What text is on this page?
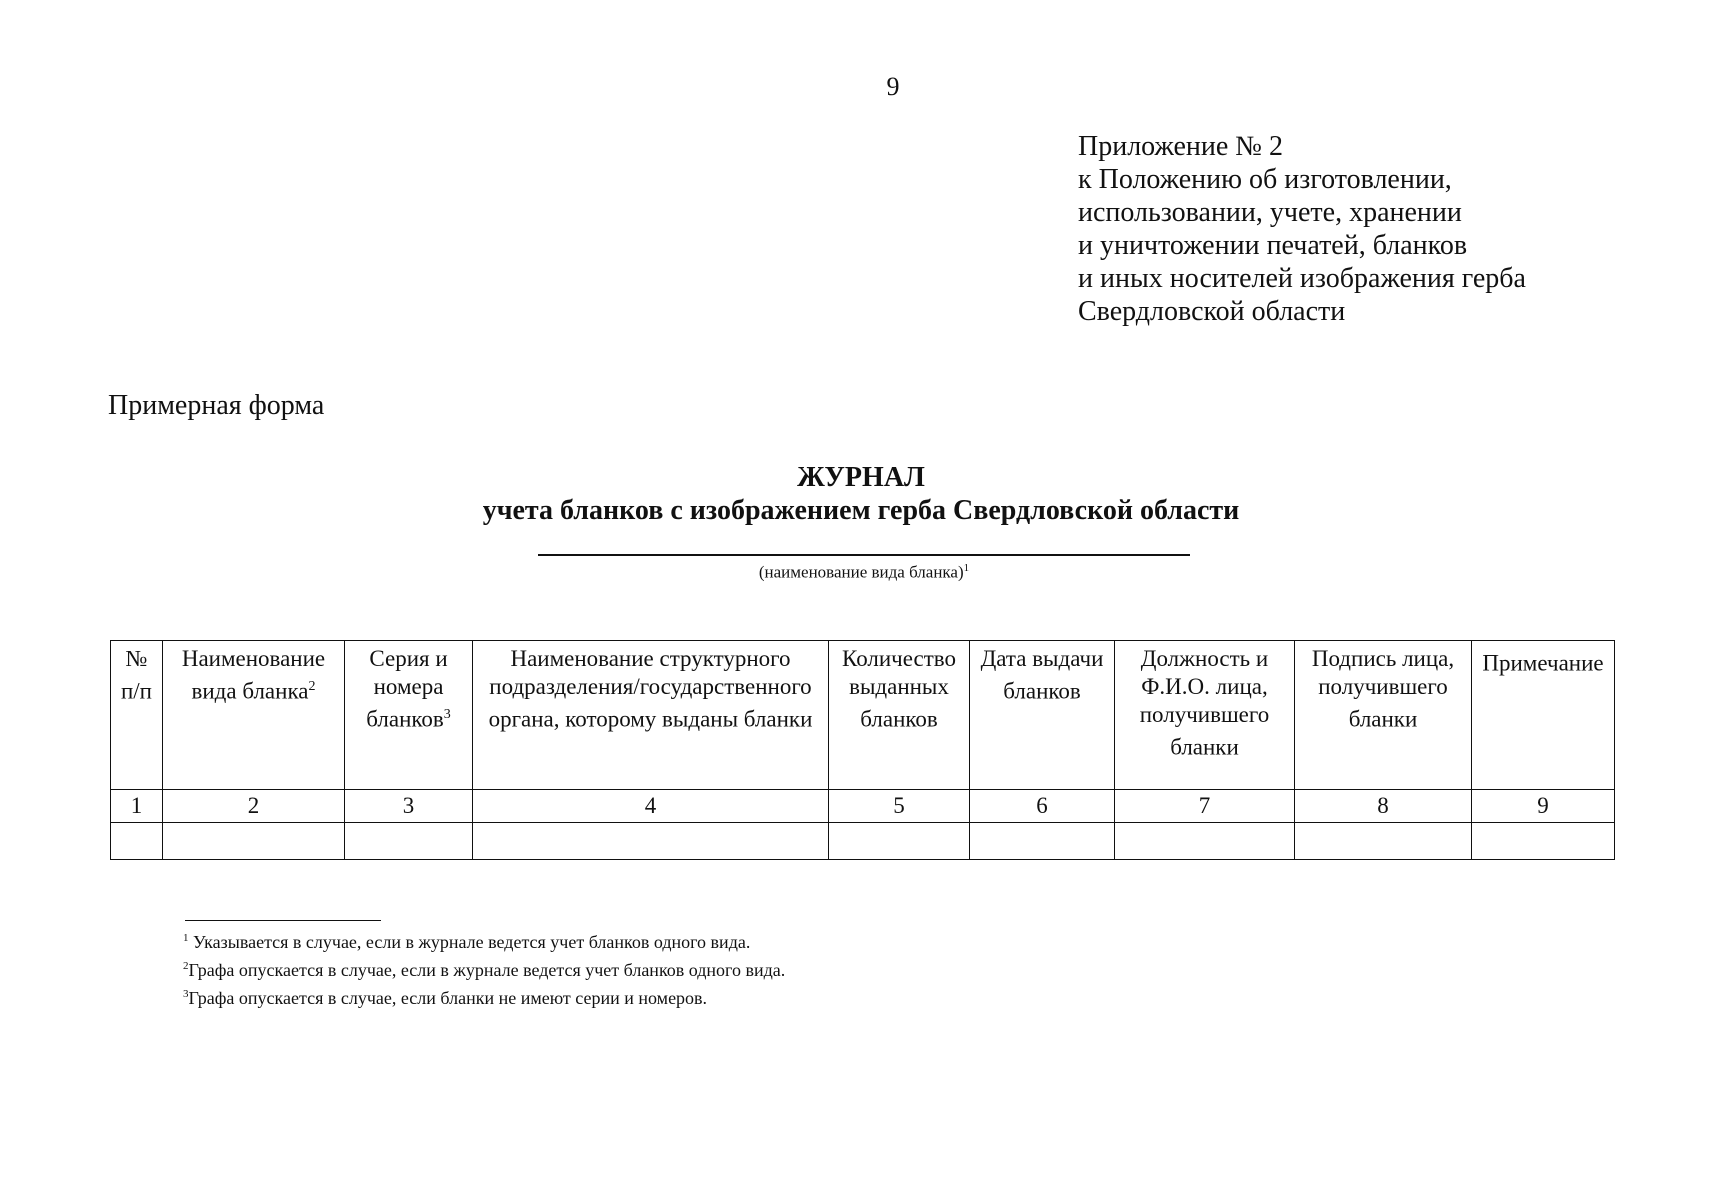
9
Приложение № 2
к Положению об изготовлении,
использовании, учете, хранении
и уничтожении печатей, бланков
и иных носителей изображения герба
Свердловской области
Примерная форма
ЖУРНАЛ
учета бланков с изображением герба Свердловской области
(наименование вида бланка)$^1$
№ п/п	Наименование вида бланка$^2$	Серия и номера бланков$^3$	Наименование структурного подразделения/государственного органа, которому выданы бланки	Количество выданных бланков	Дата выдачи бланков	Должность и Ф.И.О. лица, получившего бланки	Подпись лица, получившего бланки	Примечание
1	2	3	4	5	6	7	8	9

$^1$ Указывается в случае, если в журнале ведется учет бланков одного вида.
$^2$Графа опускается в случае, если в журнале ведется учет бланков одного вида.
$^3$Графа опускается в случае, если бланки не имеют серии и номеров.
